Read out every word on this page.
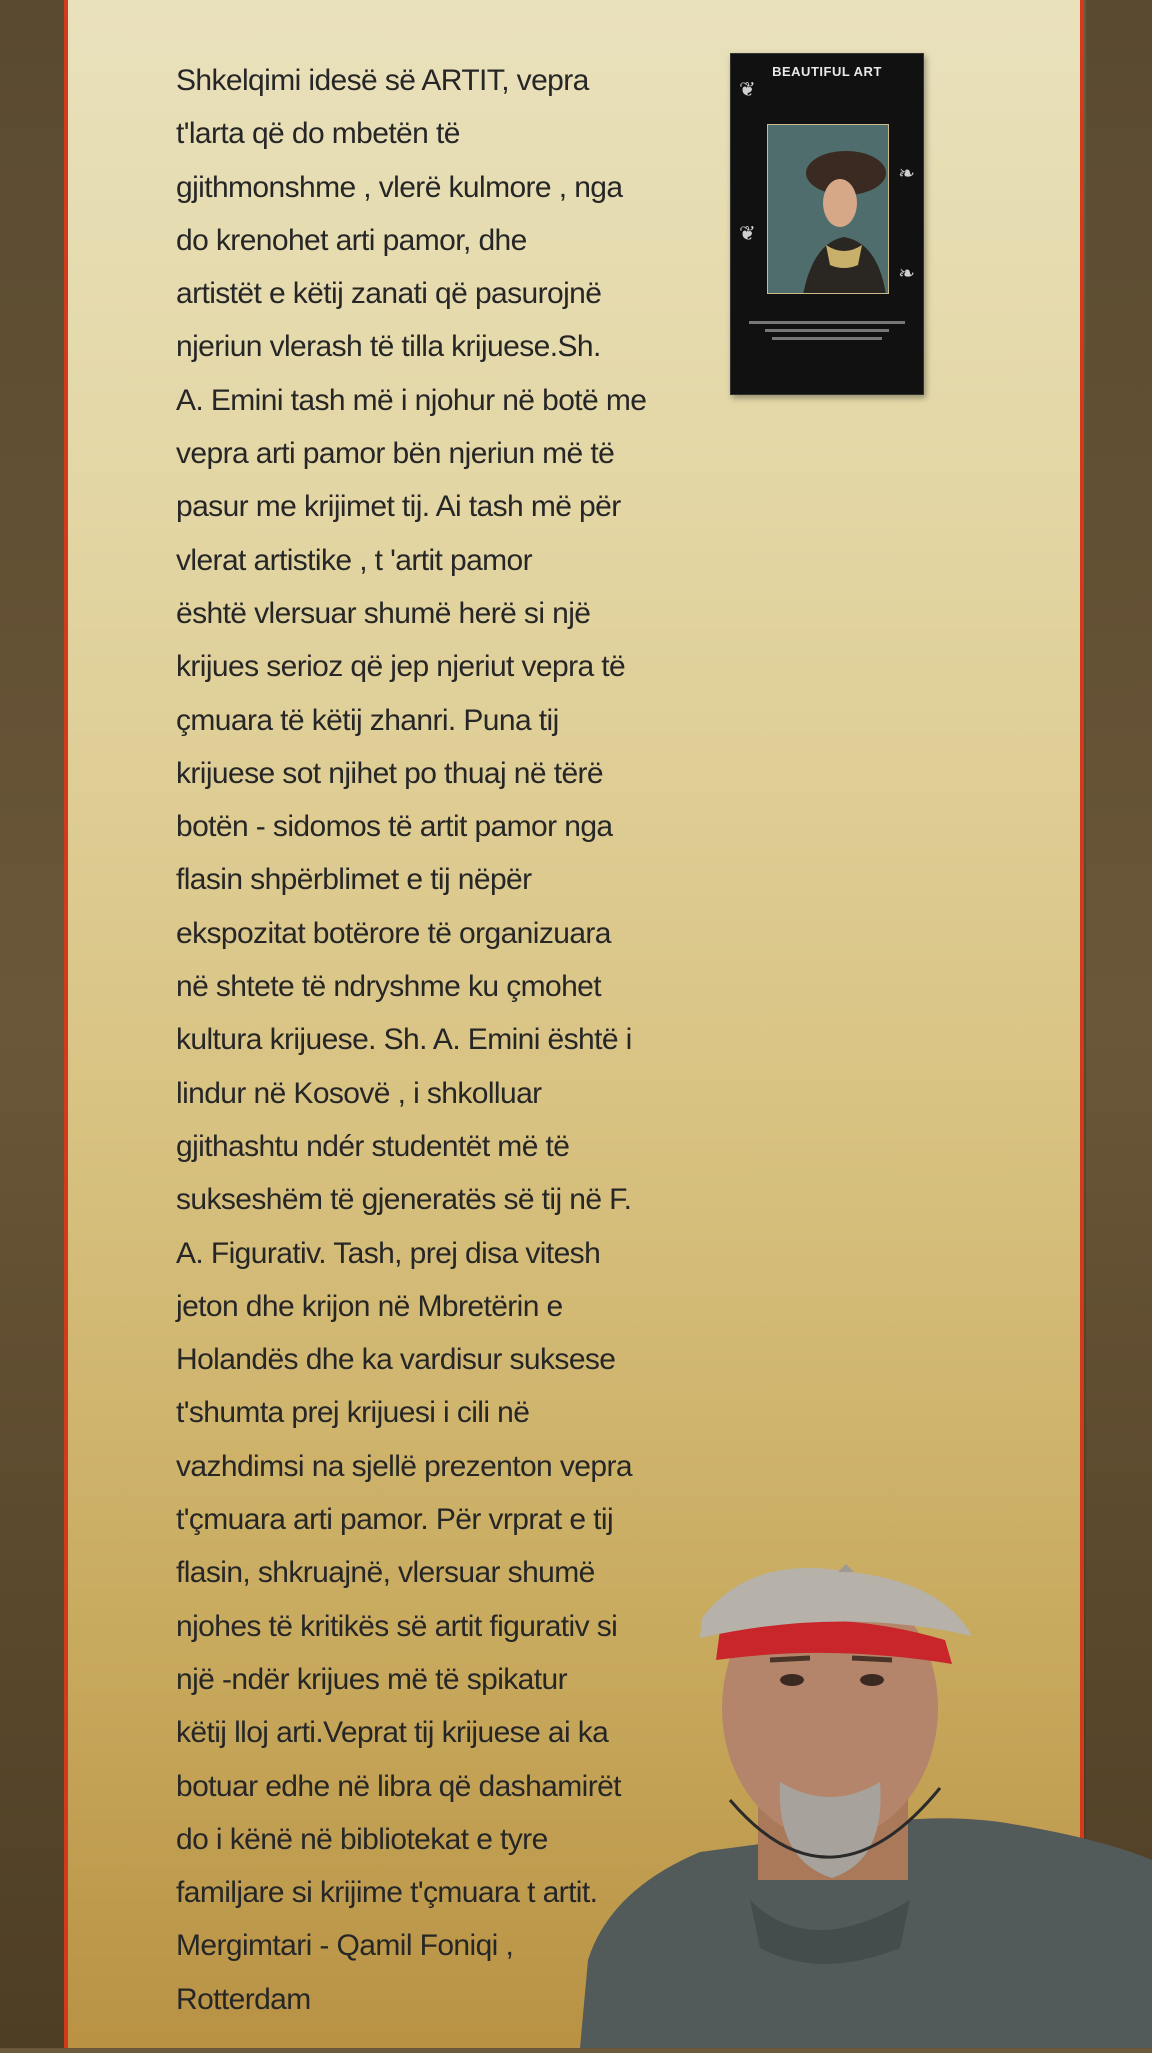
Shkelqimi idesë së ARTIT, vepra
t'larta që do mbetën të
gjithmonshme , vlerë kulmore , nga
do krenohet arti pamor, dhe
artistët e këtij zanati që pasurojnë
njeriun vlerash të tilla krijuese.Sh.
A. Emini tash më i njohur në botë me
vepra arti pamor bën njeriun më të
pasur me krijimet tij. Ai tash më për
vlerat artistike , t 'artit pamor
është vlersuar shumë herë si një
krijues serioz që jep njeriut vepra të
çmuara të këtij zhanri. Puna tij
krijuese sot njihet po thuaj në tërë
botën - sidomos të artit pamor nga
flasin shpërblimet e tij nëpër
ekspozitat botërore të organizuara
në shtete të ndryshme ku çmohet
kultura krijuese. Sh. A. Emini është i
lindur në Kosovë , i shkolluar
gjithashtu ndér studentët më të
sukseshëm të gjeneratës së tij në F.
A. Figurativ. Tash, prej disa vitesh
jeton dhe krijon në Mbretërin e
Holandës dhe ka vardisur suksese
t'shumta prej krijuesi i cili në
vazhdimsi na sjellë prezenton vepra
t'çmuara arti pamor. Për vrprat e tij
flasin, shkruajnë, vlersuar shumë
njohes të kritikës së artit figurativ si
një -ndër krijues më të spikatur
këtij lloj arti.Veprat tij krijuese ai ka
botuar edhe në libra që dashamirët
do i kënë në bibliotekat e tyre
familjare si krijime t'çmuara t artit.
Mergimtari - Qamil Foniqi ,
Rotterdam
BEAUTIFUL ART
❦
❧
❦
❧
